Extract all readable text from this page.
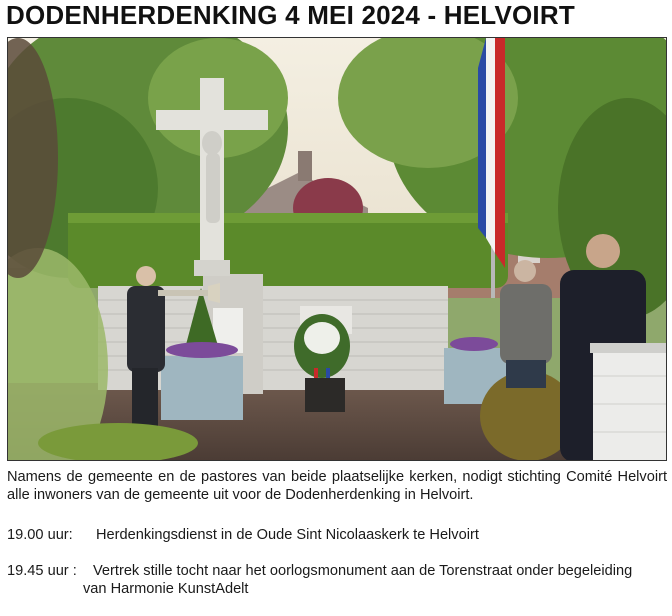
DODENHERDENKING 4 MEI 2024 - HELVOIRT
Namens de gemeente en de pastores van beide plaatselijke kerken, nodigt stichting Comité Helvoirt alle inwoners van de gemeente uit voor de Dodenherdenking in Helvoirt.
19.00 uur: Herdenkingsdienst in de Oude Sint Nicolaaskerk te Helvoirt
19.45 uur : Vertrek stille tocht naar het oorlogsmonument aan de Torenstraat onder begeleiding
van Harmonie KunstAdelt
